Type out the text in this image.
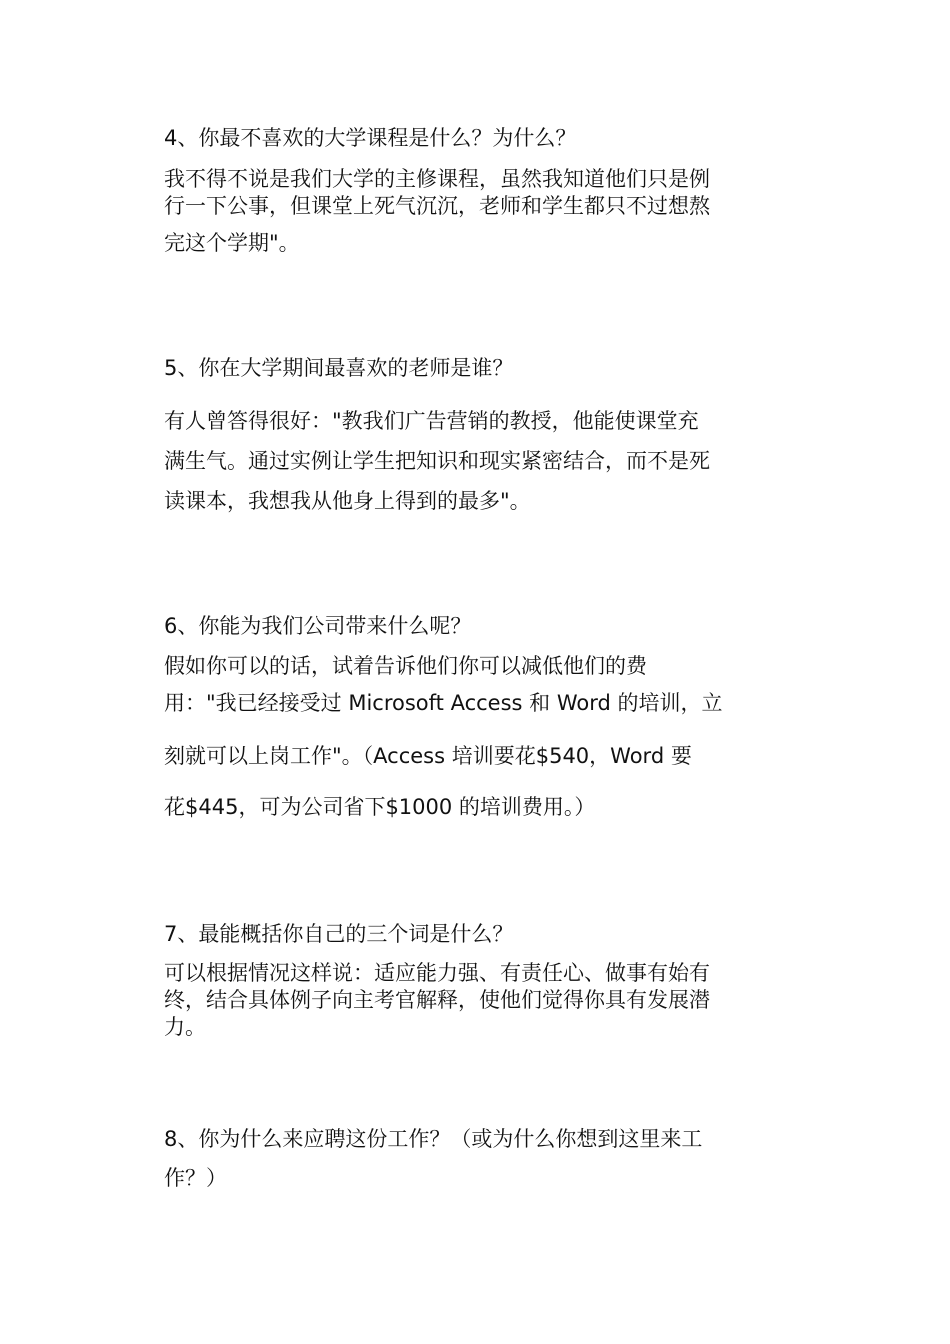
4、你最不喜欢的大学课程是什么？为什么？
我不得不说是我们大学的主修课程，虽然我知道他们只是例
行一下公事，但课堂上死气沉沉，老师和学生都只不过想熬
完这个学期"。
5、你在大学期间最喜欢的老师是谁？
有人曾答得很好："教我们广告营销的教授，他能使课堂充
满生气。通过实例让学生把知识和现实紧密结合，而不是死
读课本，我想我从他身上得到的最多"。
6、你能为我们公司带来什么呢？
假如你可以的话，试着告诉他们你可以减低他们的费
用："我已经接受过 Microsoft Access 和 Word 的培训，立
刻就可以上岗工作"。（Access 培训要花$540，Word 要
花$445，可为公司省下$1000 的培训费用。）
7、最能概括你自己的三个词是什么？
可以根据情况这样说：适应能力强、有责任心、做事有始有
终，结合具体例子向主考官解释，使他们觉得你具有发展潜
力。
8、你为什么来应聘这份工作？（或为什么你想到这里来工
作？）
